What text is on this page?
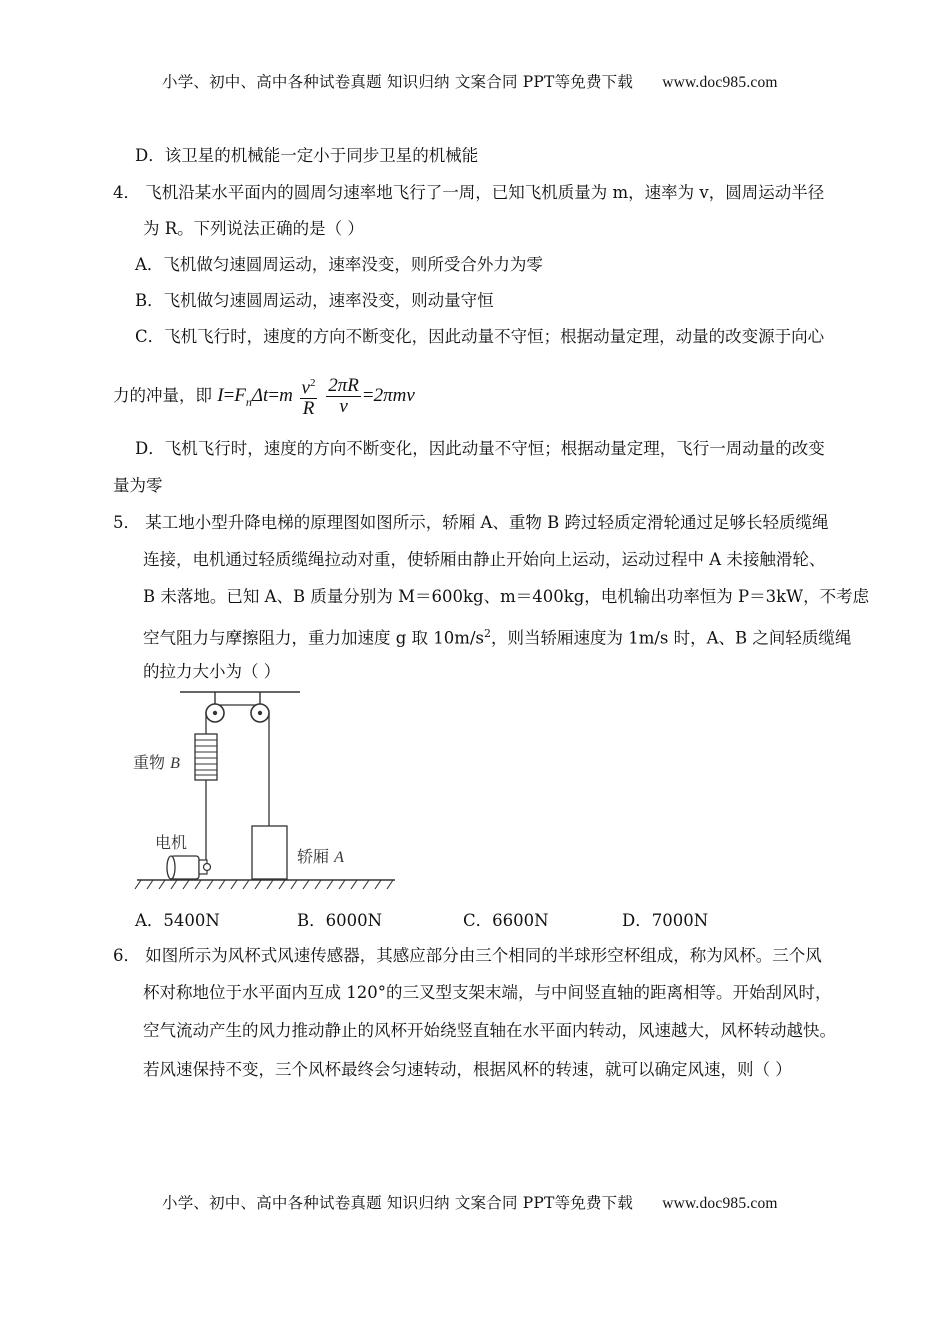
小学、初中、高中各种试卷真题 知识归纳 文案合同 PPT等免费下载 www.doc985.com
D．该卫星的机械能一定小于同步卫星的机械能
4． 飞机沿某水平面内的圆周匀速率地飞行了一周，已知飞机质量为 m，速率为 v，圆周运动半径
为 R。下列说法正确的是（ ）
A．飞机做匀速圆周运动，速率没变，则所受合外力为零
B．飞机做匀速圆周运动，速率没变，则动量守恒
C．飞机飞行时，速度的方向不断变化，因此动量不守恒；根据动量定理，动量的改变源于向心
力的冲量，即 $I=F_n\Delta t=m \frac{v^2}{R}$
$\frac{2\pi R}{v} =2\pi mv$
D．飞机飞行时，速度的方向不断变化，因此动量不守恒；根据动量定理，飞行一周动量的改变
量为零
5． 某工地小型升降电梯的原理图如图所示，轿厢 A、重物 B 跨过轻质定滑轮通过足够长轻质缆绳
连接，电机通过轻质缆绳拉动对重，使轿厢由静止开始向上运动，运动过程中 A 未接触滑轮、
B 未落地。已知 A、B 质量分别为 M＝600kg、m＝400kg，电机输出功率恒为 P＝3kW，不考虑
空气阻力与摩擦阻力，重力加速度 g 取 $10m/s^2$，则当轿厢速度为 1m/s 时，A、B 之间轻质缆绳
的拉力大小为（ ）
重物 B
轿厢 A
电机
A．5400N	B．6000N	C．6600N	D．7000N
6． 如图所示为风杯式风速传感器，其感应部分由三个相同的半球形空杯组成，称为风杯。三个风
杯对称地位于水平面内互成 120°的三叉型支架末端，与中间竖直轴的距离相等。开始刮风时，
空气流动产生的风力推动静止的风杯开始绕竖直轴在水平面内转动，风速越大，风杯转动越快。
若风速保持不变，三个风杯最终会匀速转动，根据风杯的转速，就可以确定风速，则（ ）
小学、初中、高中各种试卷真题 知识归纳 文案合同 PPT等免费下载 www.doc985.com
